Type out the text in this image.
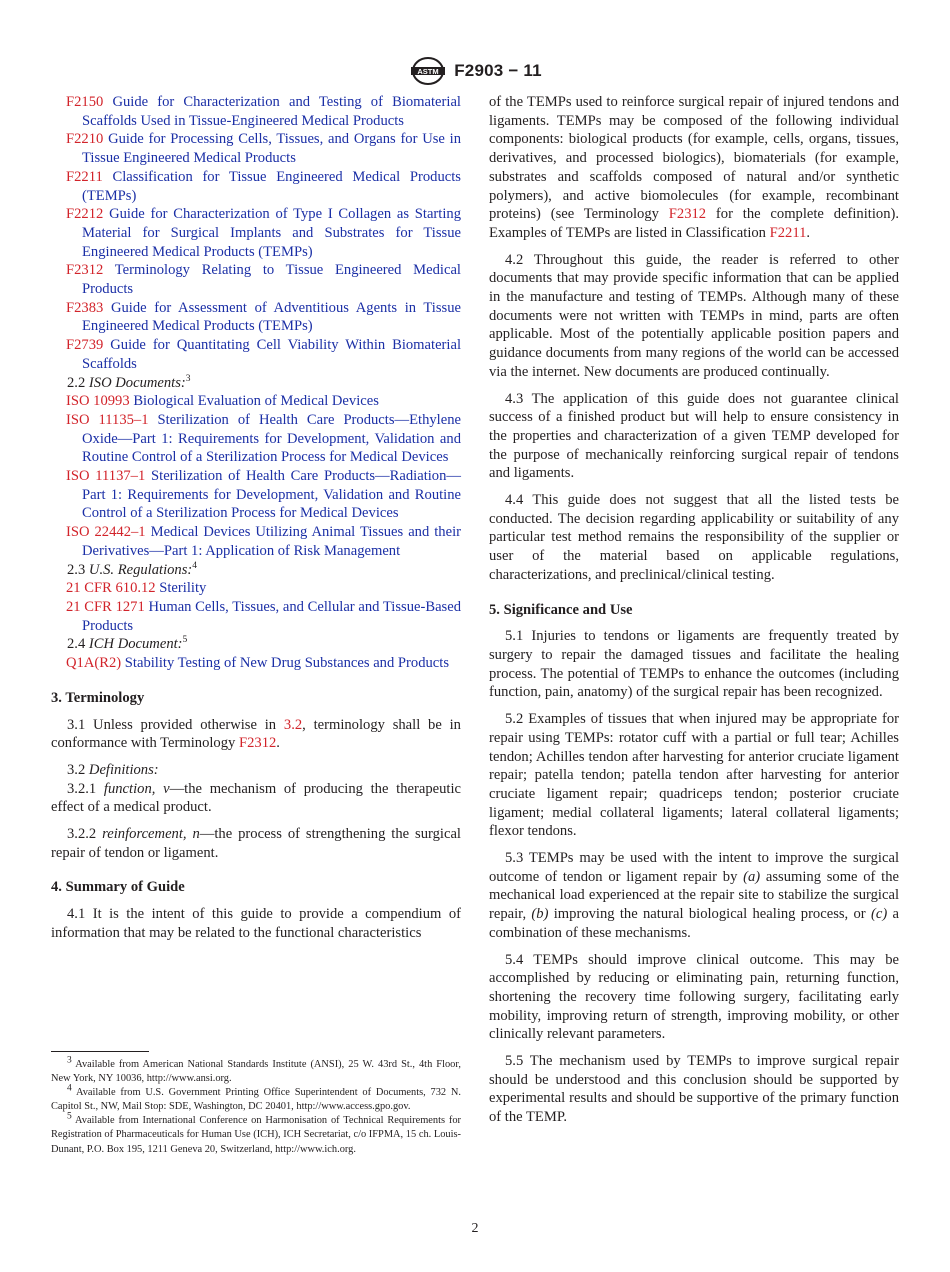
ASTM F2903 − 11

F2150 Guide for Characterization and Testing of Biomaterial Scaffolds Used in Tissue-Engineered Medical Products

F2210 Guide for Processing Cells, Tissues, and Organs for Use in Tissue Engineered Medical Products

F2211 Classification for Tissue Engineered Medical Products (TEMPs)

F2212 Guide for Characterization of Type I Collagen as Starting Material for Surgical Implants and Substrates for Tissue Engineered Medical Products (TEMPs)

F2312 Terminology Relating to Tissue Engineered Medical Products

F2383 Guide for Assessment of Adventitious Agents in Tissue Engineered Medical Products (TEMPs)

F2739 Guide for Quantitating Cell Viability Within Biomaterial Scaffolds

2.2 ISO Documents:$^3$

ISO 10993 Biological Evaluation of Medical Devices

ISO 11135–1 Sterilization of Health Care Products—Ethylene Oxide—Part 1: Requirements for Development, Validation and Routine Control of a Sterilization Process for Medical Devices

ISO 11137–1 Sterilization of Health Care Products—Radiation—Part 1: Requirements for Development, Validation and Routine Control of a Sterilization Process for Medical Devices

ISO 22442–1 Medical Devices Utilizing Animal Tissues and their Derivatives—Part 1: Application of Risk Management

2.3 U.S. Regulations:$^4$

21 CFR 610.12 Sterility

21 CFR 1271 Human Cells, Tissues, and Cellular and Tissue-Based Products

2.4 ICH Document:$^5$

Q1A(R2) Stability Testing of New Drug Substances and Products

3. Terminology

3.1 Unless provided otherwise in 3.2, terminology shall be in conformance with Terminology F2312.

3.2 Definitions:

3.2.1 function, v—the mechanism of producing the therapeutic effect of a medical product.

3.2.2 reinforcement, n—the process of strengthening the surgical repair of tendon or ligament.

4. Summary of Guide

4.1 It is the intent of this guide to provide a compendium of information that may be related to the functional characteristics

$^3$ Available from American National Standards Institute (ANSI), 25 W. 43rd St., 4th Floor, New York, NY 10036, http://www.ansi.org.

$^4$ Available from U.S. Government Printing Office Superintendent of Documents, 732 N. Capitol St., NW, Mail Stop: SDE, Washington, DC 20401, http://www.access.gpo.gov.

$^5$ Available from International Conference on Harmonisation of Technical Requirements for Registration of Pharmaceuticals for Human Use (ICH), ICH Secretariat, c/o IFPMA, 15 ch. Louis-Dunant, P.O. Box 195, 1211 Geneva 20, Switzerland, http://www.ich.org.

of the TEMPs used to reinforce surgical repair of injured tendons and ligaments. TEMPs may be composed of the following individual components: biological products (for example, cells, organs, tissues, derivatives, and processed biologics), biomaterials (for example, substrates and scaffolds composed of natural and/or synthetic polymers), and active biomolecules (for example, recombinant proteins) (see Terminology F2312 for the complete definition). Examples of TEMPs are listed in Classification F2211.

4.2 Throughout this guide, the reader is referred to other documents that may provide specific information that can be applied in the manufacture and testing of TEMPs. Although many of these documents were not written with TEMPs in mind, parts are often applicable. Most of the potentially applicable position papers and guidance documents from many regions of the world can be accessed via the internet. New documents are produced continually.

4.3 The application of this guide does not guarantee clinical success of a finished product but will help to ensure consistency in the properties and characterization of a given TEMP developed for the purpose of mechanically reinforcing surgical repair of tendons and ligaments.

4.4 This guide does not suggest that all the listed tests be conducted. The decision regarding applicability or suitability of any particular test method remains the responsibility of the supplier or user of the material based on applicable regulations, characterizations, and preclinical/clinical testing.

5. Significance and Use

5.1 Injuries to tendons or ligaments are frequently treated by surgery to repair the damaged tissues and facilitate the healing process. The potential of TEMPs to enhance the outcomes (including function, pain, anatomy) of the surgical repair has been recognized.

5.2 Examples of tissues that when injured may be appropriate for repair using TEMPs: rotator cuff with a partial or full tear; Achilles tendon; Achilles tendon after harvesting for anterior cruciate ligament repair; patella tendon; patella tendon after harvesting for anterior cruciate ligament repair; quadriceps tendon; posterior cruciate ligament; medial collateral ligaments; lateral collateral ligaments; flexor tendons.

5.3 TEMPs may be used with the intent to improve the surgical outcome of tendon or ligament repair by (a) assuming some of the mechanical load experienced at the repair site to stabilize the surgical repair, (b) improving the natural biological healing process, or (c) a combination of these mechanisms.

5.4 TEMPs should improve clinical outcome. This may be accomplished by reducing or eliminating pain, returning function, shortening the recovery time following surgery, facilitating early mobility, improving return of strength, improving mobility, or other clinically relevant parameters.

5.5 The mechanism used by TEMPs to improve surgical repair should be understood and this conclusion should be supported by experimental results and should be supportive of the primary function of the TEMP.

2
